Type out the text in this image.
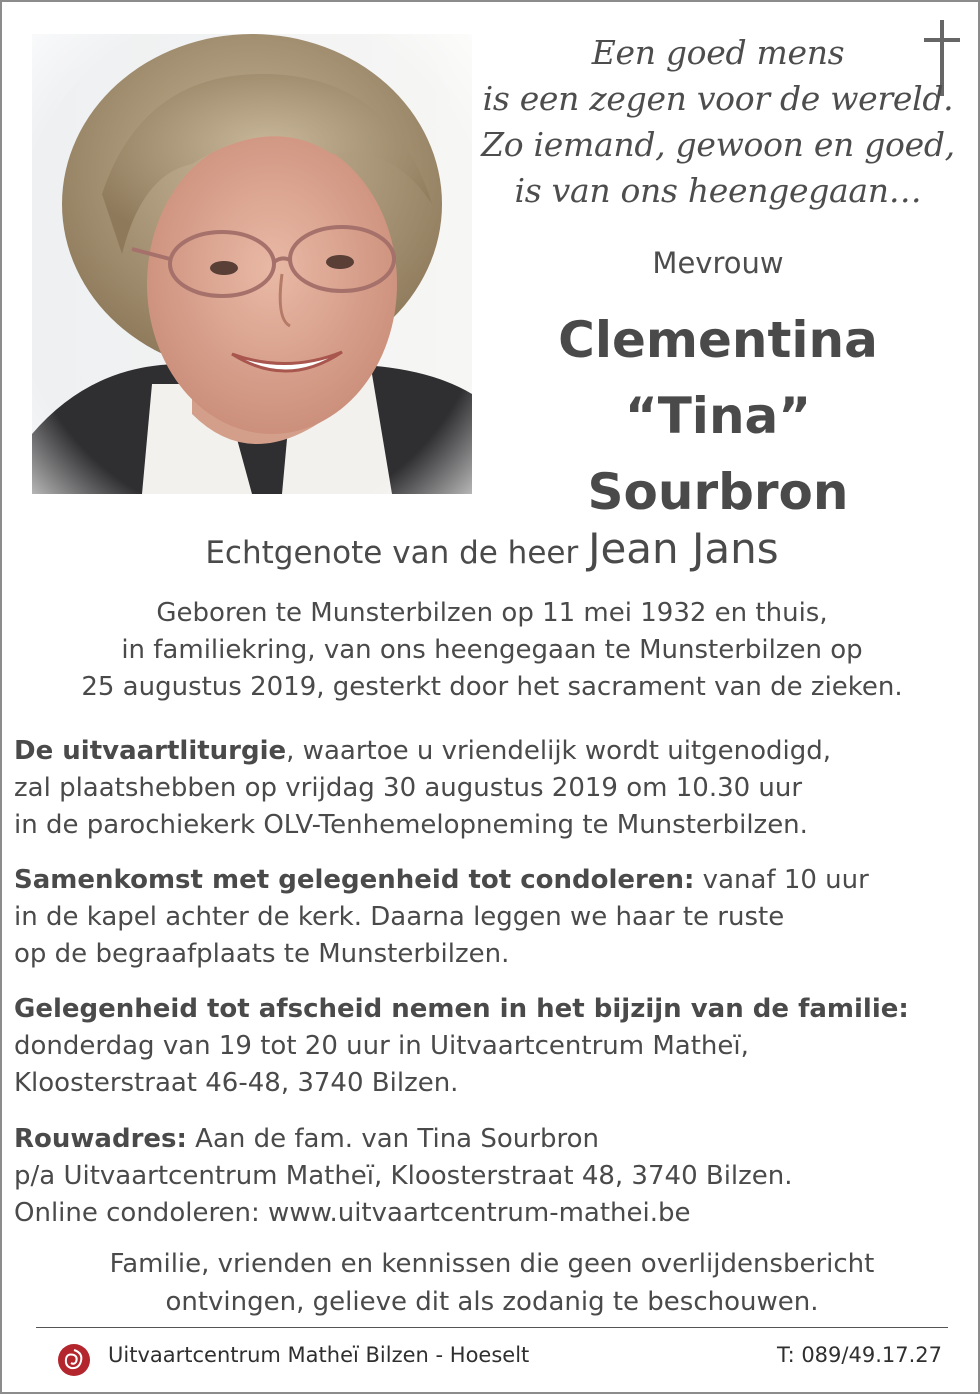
Een goed mens
is een zegen voor de wereld.
Zo iemand, gewoon en goed,
is van ons heengegaan…
Mevrouw
Clementina
“Tina”
Sourbron
Echtgenote van de heer Jean Jans
Geboren te Munsterbilzen op 11 mei 1932 en thuis,
in familiekring, van ons heengegaan te Munsterbilzen op
25 augustus 2019, gesterkt door het sacrament van de zieken.
De uitvaartliturgie, waartoe u vriendelijk wordt uitgenodigd,
zal plaatshebben op vrijdag 30 augustus 2019 om 10.30 uur
in de parochiekerk OLV-Tenhemelopneming te Munsterbilzen.
Samenkomst met gelegenheid tot condoleren: vanaf 10 uur
in de kapel achter de kerk. Daarna leggen we haar te ruste
op de begraafplaats te Munsterbilzen.
Gelegenheid tot afscheid nemen in het bijzijn van de familie:
donderdag van 19 tot 20 uur in Uitvaartcentrum Matheï,
Kloosterstraat 46-48, 3740 Bilzen.
Rouwadres: Aan de fam. van Tina Sourbron
p/a Uitvaartcentrum Matheï, Kloosterstraat 48, 3740 Bilzen.
Online condoleren: www.uitvaartcentrum-mathei.be
Familie, vrienden en kennissen die geen overlijdensbericht
ontvingen, gelieve dit als zodanig te beschouwen.
Uitvaartcentrum Matheï Bilzen - Hoeselt	T: 089/49.17.27
